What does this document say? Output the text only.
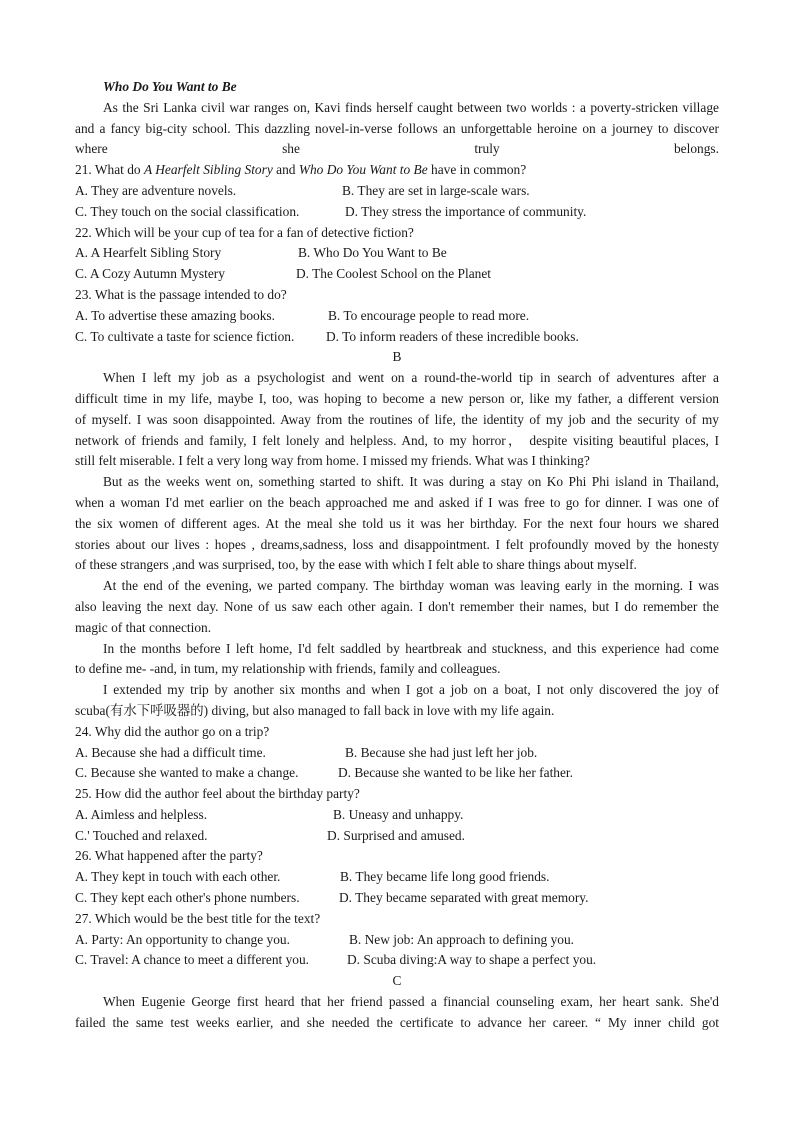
Who Do You Want to Be
As the Sri Lanka civil war ranges on, Kavi finds herself caught between two worlds : a poverty-stricken village and a fancy big-city school. This dazzling novel-in-verse follows an unforgettable heroine on a journey to discover where she truly belongs.
21. What do A Hearfelt Sibling Story and Who Do You Want to Be have in common?
A. They are adventure novels.	B. They are set in large-scale wars.
C. They touch on the social classification.	D. They stress the importance of community.
22. Which will be your cup of tea for a fan of detective fiction?
A. A Hearfelt Sibling Story	B. Who Do You Want to Be
C. A Cozy Autumn Mystery	D. The Coolest School on the Planet
23. What is the passage intended to do?
A. To advertise these amazing books.	B. To encourage people to read more.
C. To cultivate a taste for science fiction. D. To inform readers of these incredible books.
B
When I left my job as a psychologist and went on a round-the-world tip in search of adventures after a
difficult time in my life, maybe I, too, was hoping to become a new person or, like my father, a different version
of myself. I was soon disappointed. Away from the routines of life, the identity of my job and the security of my
network of friends and family, I felt lonely and helpless. And, to my horror， despite visiting beautiful places, I
still felt miserable. I felt a very long way from home. I missed my friends. What was I thinking?
But as the weeks went on, something started to shift. It was during a stay on Ko Phi Phi island in Thailand,
when a woman I'd met earlier on the beach approached me and asked if I was free to go for dinner. I was one of
the six women of different ages. At the meal she told us it was her birthday. For the next four hours we shared
stories about our lives : hopes , dreams,sadness, loss and disappointment. I felt profoundly moved by the honesty
of these strangers ,and was surprised, too, by the ease with which I felt able to share things about myself.
At the end of the evening, we parted company. The birthday woman was leaving early in the morning. I was
also leaving the next day. None of us saw each other again. I don't remember their names, but I do remember the
magic of that connection.
In the months before I left home, I'd felt saddled by heartbreak and stuckness, and this experience had come
to define me- -and, in tum, my relationship with friends, family and colleagues.
I extended my trip by another six months and when I got a job on a boat, I not only discovered the joy of
scuba(有水下呼吸器的) diving, but also managed to fall back in love with my life again.
24. Why did the author go on a trip?
A. Because she had a difficult time.	B. Because she had just left her job.
C. Because she wanted to make a change.	D. Because she wanted to be like her father.
25. How did the author feel about the birthday party?
A. Aimless and helpless.	B. Uneasy and unhappy.
C.' Touched and relaxed.	D. Surprised and amused.
26. What happened after the party?
A. They kept in touch with each other.	B. They became life long good friends.
C. They kept each other's phone numbers.	D. They became separated with great memory.
27. Which would be the best title for the text?
A. Party: An opportunity to change you.	B. New job: An approach to defining you.
C. Travel: A chance to meet a different you.	D. Scuba diving:A way to shape a perfect you.
C
When Eugenie George first heard that her friend passed a financial counseling exam, her heart sank. She'd
failed the same test weeks earlier, and she needed the certificate to advance her career. “ My inner child got
